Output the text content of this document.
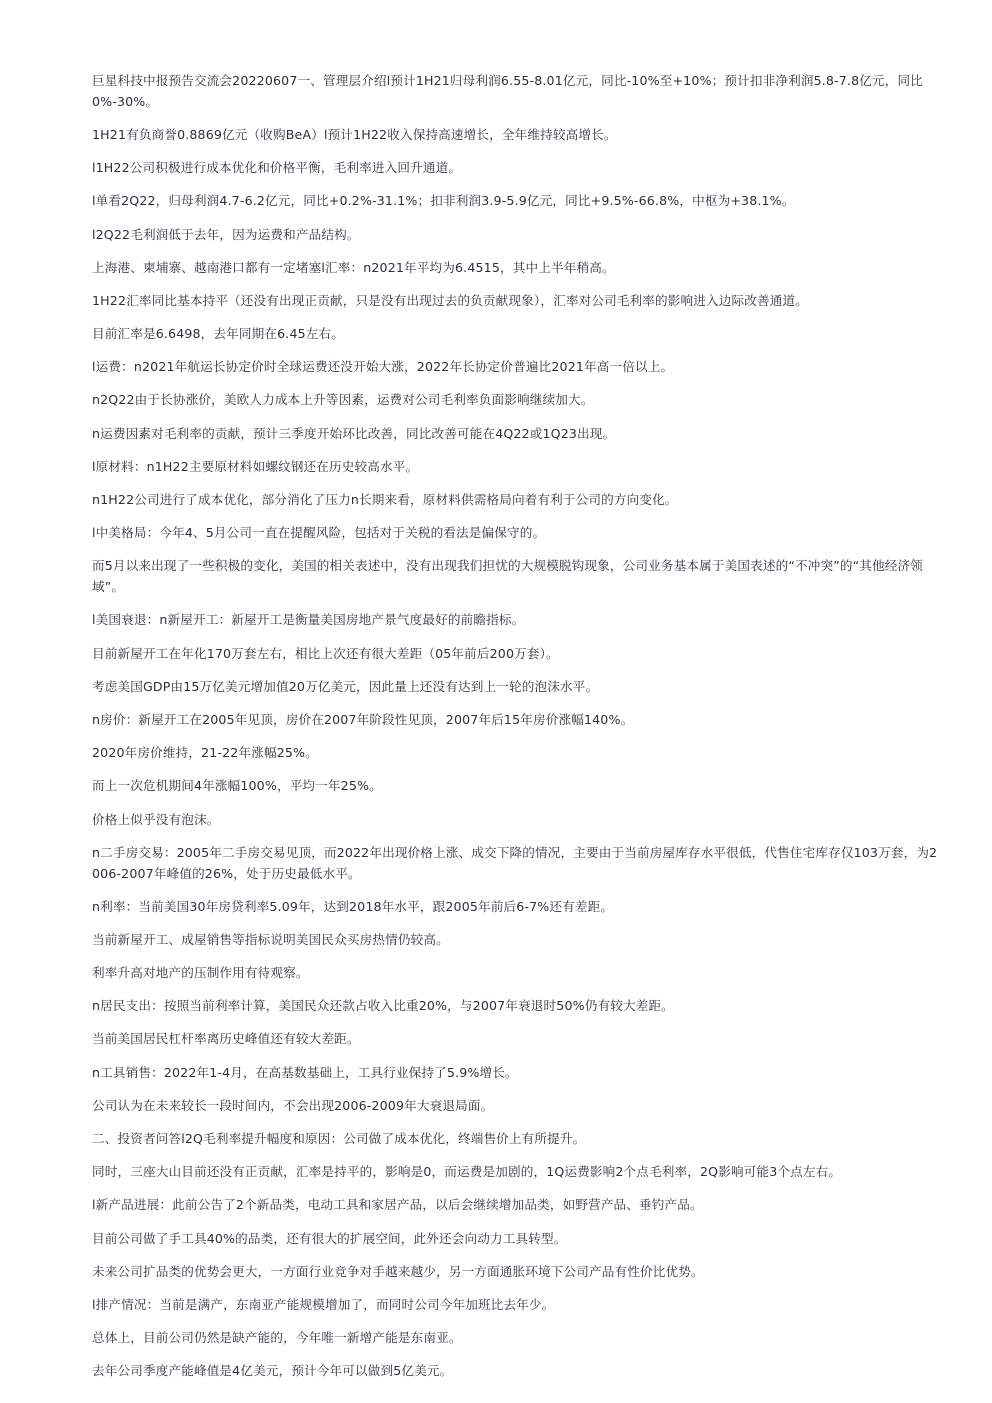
巨星科技中报预告交流会20220607一、管理层介绍l预计1H21归母利润6.55-8.01亿元，同比-10%至+10%；预计扣非净利润5.8-7.8亿元，同比0%-30%。

1H21有负商誉0.8869亿元（收购BeA）l预计1H22收入保持高速增长，全年维持较高增长。

l1H22公司积极进行成本优化和价格平衡，毛利率进入回升通道。

l单看2Q22，归母利润4.7-6.2亿元，同比+0.2%-31.1%；扣非利润3.9-5.9亿元，同比+9.5%-66.8%，中枢为+38.1%。

l2Q22毛利润低于去年，因为运费和产品结构。

上海港、柬埔寨、越南港口都有一定堵塞l汇率：n2021年平均为6.4515，其中上半年稍高。

1H22汇率同比基本持平（还没有出现正贡献，只是没有出现过去的负贡献现象），汇率对公司毛利率的影响进入边际改善通道。

目前汇率是6.6498，去年同期在6.45左右。

l运费：n2021年航运长协定价时全球运费还没开始大涨，2022年长协定价普遍比2021年高一倍以上。

n2Q22由于长协涨价，美欧人力成本上升等因素，运费对公司毛利率负面影响继续加大。

n运费因素对毛利率的贡献，预计三季度开始环比改善，同比改善可能在4Q22或1Q23出现。

l原材料：n1H22主要原材料如螺纹钢还在历史较高水平。

n1H22公司进行了成本优化，部分消化了压力n长期来看，原材料供需格局向着有利于公司的方向变化。

l中美格局：今年4、5月公司一直在提醒风险，包括对于关税的看法是偏保守的。

而5月以来出现了一些积极的变化，美国的相关表述中，没有出现我们担忧的大规模脱钩现象，公司业务基本属于美国表述的“不冲突”的“其他经济领域”。

l美国衰退：n新屋开工：新屋开工是衡量美国房地产景气度最好的前瞻指标。

目前新屋开工在年化170万套左右，相比上次还有很大差距（05年前后200万套）。

考虑美国GDP由15万亿美元增加值20万亿美元，因此量上还没有达到上一轮的泡沫水平。

n房价：新屋开工在2005年见顶，房价在2007年阶段性见顶，2007年后15年房价涨幅140%。

2020年房价维持，21-22年涨幅25%。

而上一次危机期间4年涨幅100%，平均一年25%。

价格上似乎没有泡沫。

n二手房交易：2005年二手房交易见顶，而2022年出现价格上涨、成交下降的情况，主要由于当前房屋库存水平很低，代售住宅库存仅103万套，为2006-2007年峰值的26%，处于历史最低水平。

n利率：当前美国30年房贷利率5.09年，达到2018年水平，跟2005年前后6-7%还有差距。

当前新屋开工、成屋销售等指标说明美国民众买房热情仍较高。

利率升高对地产的压制作用有待观察。

n居民支出：按照当前利率计算，美国民众还款占收入比重20%，与2007年衰退时50%仍有较大差距。

当前美国居民杠杆率离历史峰值还有较大差距。

n工具销售：2022年1-4月，在高基数基础上，工具行业保持了5.9%增长。

公司认为在未来较长一段时间内，不会出现2006-2009年大衰退局面。

二、投资者问答l2Q毛利率提升幅度和原因：公司做了成本优化，终端售价上有所提升。

同时，三座大山目前还没有正贡献，汇率是持平的，影响是0，而运费是加剧的，1Q运费影响2个点毛利率，2Q影响可能3个点左右。

l新产品进展：此前公告了2个新品类，电动工具和家居产品，以后会继续增加品类，如野营产品、垂钓产品。

目前公司做了手工具40%的品类，还有很大的扩展空间，此外还会向动力工具转型。

未来公司扩品类的优势会更大，一方面行业竞争对手越来越少，另一方面通胀环境下公司产品有性价比优势。

l排产情况：当前是满产，东南亚产能规模增加了，而同时公司今年加班比去年少。

总体上，目前公司仍然是缺产能的，今年唯一新增产能是东南亚。

去年公司季度产能峰值是4亿美元，预计今年可以做到5亿美元。
